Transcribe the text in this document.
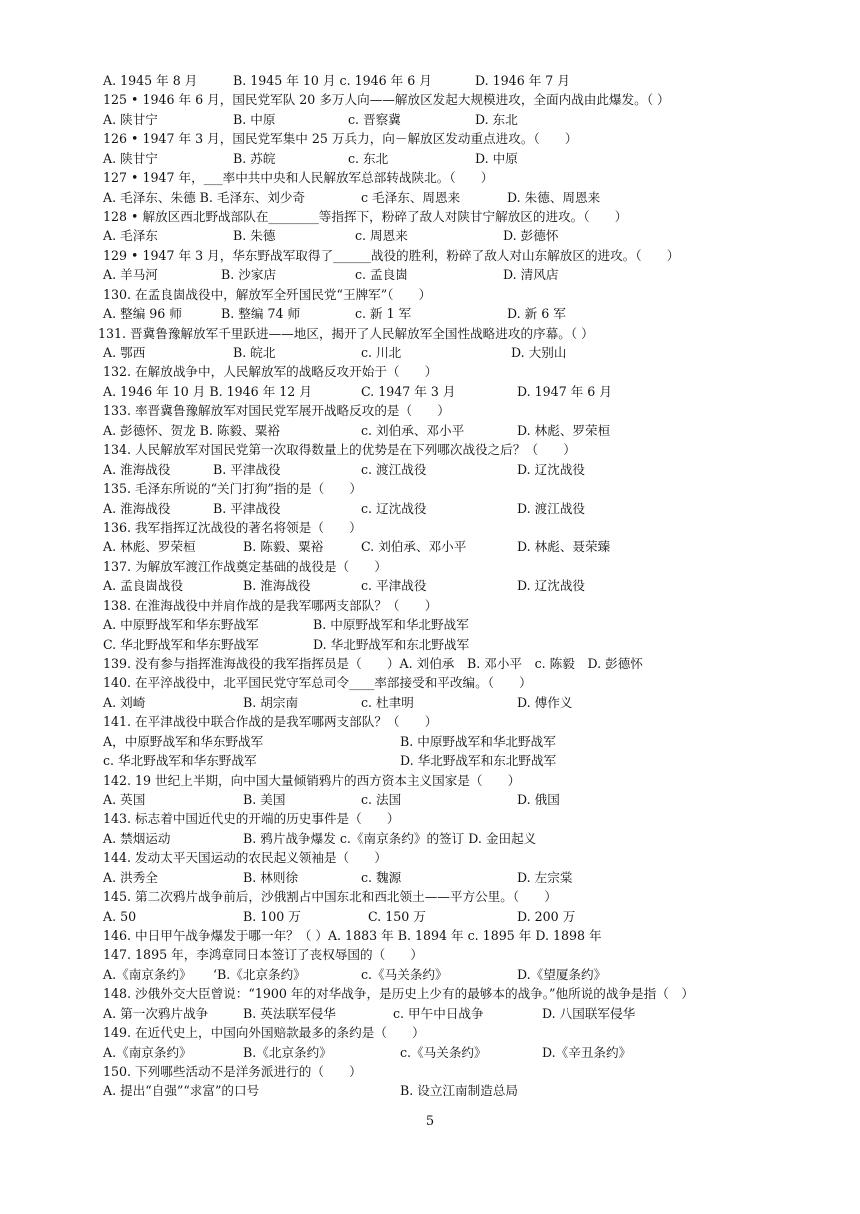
A. 1945 年 8 月	B. 1945 年 10 月 c. 1946 年 6 月	D. 1946 年 7 月
125 • 1946 年 6 月，国民党军队 20 多万人向——解放区发起大规模进攻，全面内战由此爆发。（ ）
A. 陕甘宁	B. 中原	c. 晋察冀	D. 东北
126 • 1947 年 3 月，国民党军集中 25 万兵力，向－解放区发动重点进攻。（　　）
A. 陕甘宁	B. 苏皖	c. 东北	D. 中原
127 • 1947 年，___率中共中央和人民解放军总部转战陕北。（　　）
A. 毛泽东、朱德 B. 毛泽东、刘少奇	c 毛泽东、周恩来	D. 朱德、周恩来
128 • 解放区西北野战部队在________等指挥下，粉碎了敌人对陕甘宁解放区的进攻。（　　）
A. 毛泽东	B. 朱德	c. 周恩来	D. 彭德怀
129 • 1947 年 3 月，华东野战军取得了______战役的胜利，粉碎了敌人对山东解放区的进攻。（　　）
A. 羊马河	B. 沙家店	c. 孟良崮	D. 清风店
130. 在孟良崮战役中，解放军全歼国民党“王牌军”（　　）
A. 整编 96 师	B. 整编 74 师	c. 新 1 军	D. 新 6 军
131. 晋冀鲁豫解放军千里跃进——地区，揭开了人民解放军全国性战略进攻的序幕。（ ）
A. 鄂西	B. 皖北	c. 川北	D. 大别山
132. 在解放战争中，人民解放军的战略反攻开始于（　　）
A. 1946 年 10 月 B. 1946 年 12 月	C. 1947 年 3 月	D. 1947 年 6 月
133. 率晋冀鲁豫解放军对国民党军展开战略反攻的是（　　）
A. 彭德怀、贺龙 B. 陈毅、粟裕	c. 刘伯承、邓小平	D. 林彪、罗荣桓
134. 人民解放军对国民党第一次取得数量上的优势是在下列哪次战役之后？（　　）
A. 淮海战役	B. 平津战役	c. 渡江战役	D. 辽沈战役
135. 毛泽东所说的“关门打狗”指的是（　　）
A. 淮海战役	B. 平津战役	c. 辽沈战役	D. 渡江战役
136. 我军指挥辽沈战役的著名将领是（　　）
A. 林彪、罗荣桓	B. 陈毅、粟裕	C. 刘伯承、邓小平	D. 林彪、聂荣臻
137. 为解放军渡江作战奠定基础的战役是（　　）
A. 孟良崮战役	B. 淮海战役	c. 平津战役	D. 辽沈战役
138. 在淮海战役中并肩作战的是我军哪两支部队？（　　）
A. 中原野战军和华东野战军	B. 中原野战军和华北野战军
C. 华北野战军和华东野战军	D. 华北野战军和东北野战军
139. 没有参与指挥淮海战役的我军指挥员是（　　）A. 刘伯承　B. 邓小平　c. 陈毅　D. 彭德怀
140. 在平淬战役中，北平国民党守军总司令____率部接受和平改编。（　　）
A. 刘崎	B. 胡宗南	c. 杜聿明	D. 傅作义
141. 在平津战役中联合作战的是我军哪两支部队？（　　）
A，中原野战军和华东野战军	B. 中原野战军和华北野战军
c. 华北野战军和华东野战军	D. 华北野战军和东北野战军
142. 19 世纪上半期，向中国大量倾销鸦片的西方资本主义国家是（　　）
A. 英国	B. 美国	c. 法国	D. 俄国
143. 标志着中国近代史的开端的历史事件是（　　）
A. 禁烟运动	B. 鸦片战争爆发 c.《南京条约》的签订 D. 金田起义
144. 发动太平天国运动的农民起义领袖是（　　）
A. 洪秀全	B. 林则徐	c. 魏源	D. 左宗棠
145. 第二次鸦片战争前后，沙俄割占中国东北和西北领土——平方公里。（　　）
A. 50	B. 100 万	C. 150 万	D. 200 万
146. 中日甲午战争爆发于哪一年？（ ）A. 1883 年 B. 1894 年 c. 1895 年 D. 1898 年
147. 1895 年，李鸿章同日本签订了丧权辱国的（　　）
A.《南京条约》 ‘B.《北京条约》	c.《马关条约》	D.《望厦条约》
148. 沙俄外交大臣曾说：“1900 年的对华战争，是历史上少有的最够本的战争。”他所说的战争是指（　）
A. 第一次鸦片战争	B. 英法联军侵华	c. 甲午中日战争	D. 八国联军侵华
149. 在近代史上，中国向外国赔款最多的条约是（　　）
A.《南京条约》	B.《北京条约》	c.《马关条约》	D.《辛丑条约》
150. 下列哪些活动不是洋务派进行的（　　）
A. 提出“自强”“求富”的口号	B. 设立江南制造总局
5
